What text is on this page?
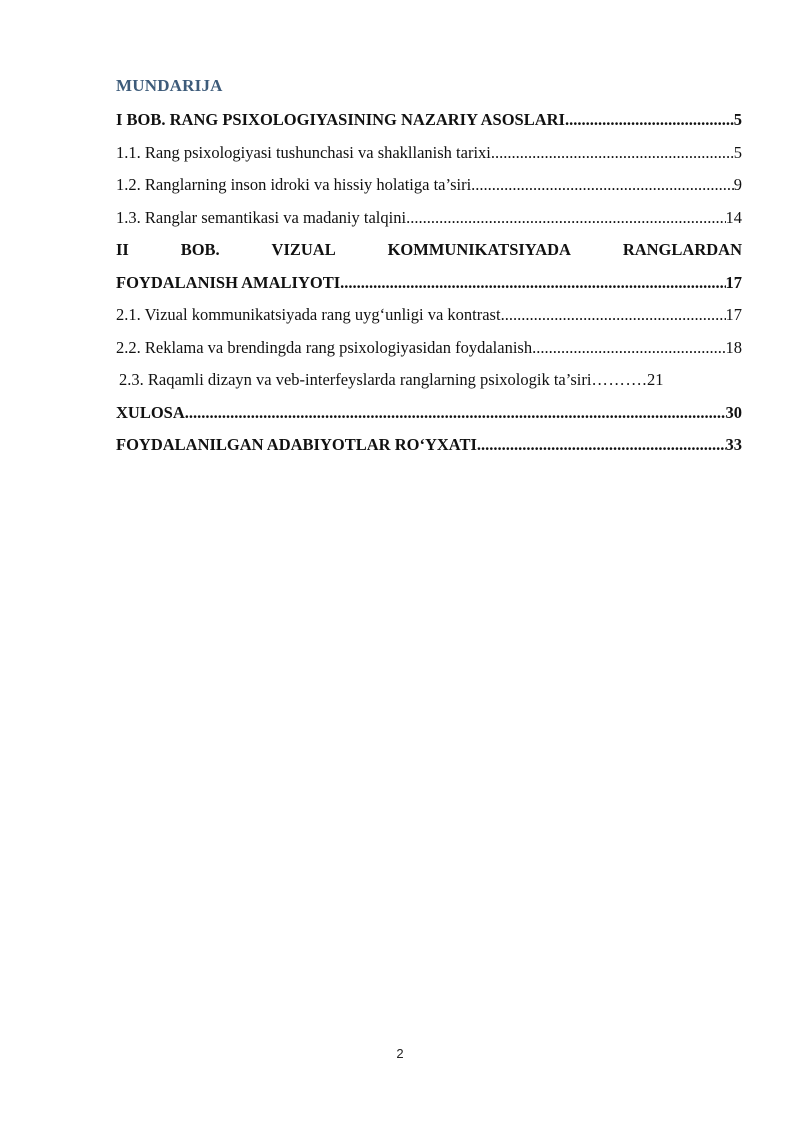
MUNDARIJA
I BOB. RANG PSIXOLOGIYASINING NAZARIY ASOSLARI .....	5
1.1. Rang psixologiyasi tushunchasi va shakllanish tarixi .....	5
1.2. Ranglarning inson idroki va hissiy holatiga ta’siri .....	9
1.3. Ranglar semantikasi va madaniy talqini .....	14
II	BOB.	VIZUAL	KOMMUNIKATSIYADA	RANGLARDAN
FOYDALANISH AMALIYOTI .....	17
2.1. Vizual kommunikatsiyada rang uyg‘unligi va kontrast .....	17
2.2. Reklama va brendingda rang psixologiyasidan foydalanish .....	18
2.3. Raqamli dizayn va veb-interfeyslarda ranglarning psixologik ta’siri ………. 21
XULOSA .....	30
FOYDALANILGAN ADABIYOTLAR RO‘YXATI .....	33
2
